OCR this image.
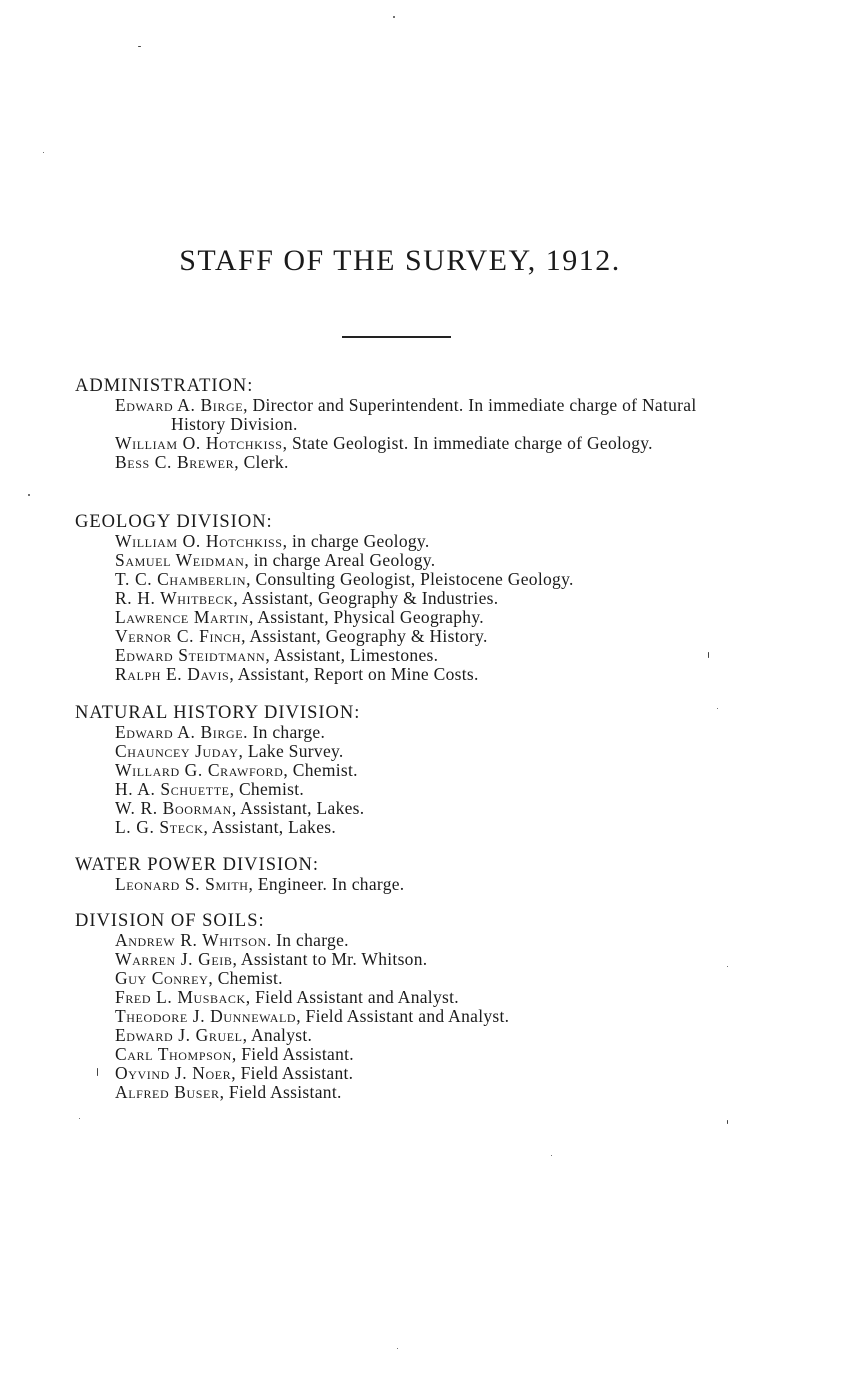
STAFF OF THE SURVEY, 1912.
ADMINISTRATION:
Edward A. Birge, Director and Superintendent. In immediate charge of Natural History Division.
William O. Hotchkiss, State Geologist. In immediate charge of Geology.
Bess C. Brewer, Clerk.
GEOLOGY DIVISION:
William O. Hotchkiss, in charge Geology.
Samuel Weidman, in charge Areal Geology.
T. C. Chamberlin, Consulting Geologist, Pleistocene Geology.
R. H. Whitbeck, Assistant, Geography & Industries.
Lawrence Martin, Assistant, Physical Geography.
Vernor C. Finch, Assistant, Geography & History.
Edward Steidtmann, Assistant, Limestones.
Ralph E. Davis, Assistant, Report on Mine Costs.
NATURAL HISTORY DIVISION:
Edward A. Birge. In charge.
Chauncey Juday, Lake Survey.
Willard G. Crawford, Chemist.
H. A. Schuette, Chemist.
W. R. Boorman, Assistant, Lakes.
L. G. Steck, Assistant, Lakes.
WATER POWER DIVISION:
Leonard S. Smith, Engineer. In charge.
DIVISION OF SOILS:
Andrew R. Whitson. In charge.
Warren J. Geib, Assistant to Mr. Whitson.
Guy Conrey, Chemist.
Fred L. Musback, Field Assistant and Analyst.
Theodore J. Dunnewald, Field Assistant and Analyst.
Edward J. Gruel, Analyst.
Carl Thompson, Field Assistant.
Oyvind J. Noer, Field Assistant.
Alfred Buser, Field Assistant.
